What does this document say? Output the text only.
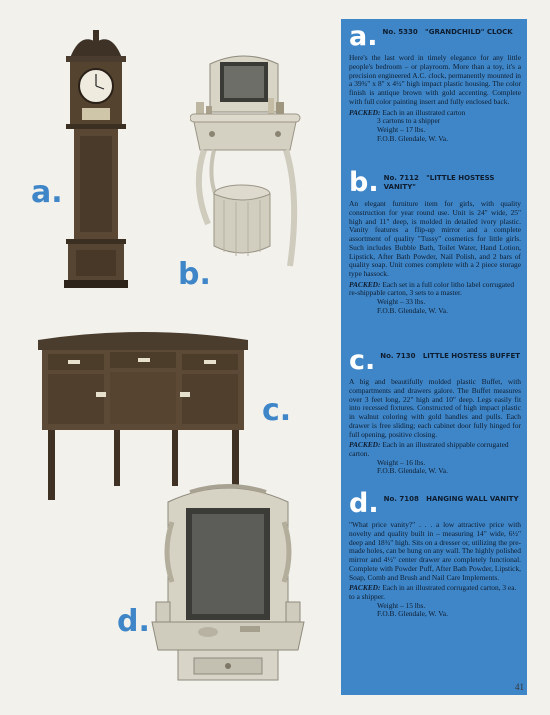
a.
b.
c.
d.
a. No. 5330 "GRANDCHILD" CLOCK
Here's the last word in timely elegance for any little people's bedroom – or playroom. More than a toy, it's a precision engineered A.C. clock, permanently mounted in a 39¾" x 8" x 4½" high impact plastic housing. The color finish is antique brown with gold accenting. Complete with full color painting insert and fully enclosed back.
PACKED: Each in an illustrated carton
3 cartons to a shipper
Weight – 17 lbs.
F.O.B. Glendale, W. Va.
b. No. 7112 "LITTLE HOSTESS VANITY"
An elegant furniture item for girls, with quality construction for year round use. Unit is 24" wide, 25" high and 11" deep, is molded in detailed ivory plastic. Vanity features a flip-up mirror and a complete assortment of quality "Tussy" cosmetics for little girls. Such includes Bubble Bath, Toilet Water, Hand Lotion, Lipstick, After Bath Powder, Nail Polish, and 2 bars of quality soap. Unit comes complete with a 2 piece storage type hassock.
PACKED: Each set in a full color litho label corrugated re-shippable carton, 3 sets to a master.
Weight – 33 lbs.
F.O.B. Glendale, W. Va.
c. No. 7130 LITTLE HOSTESS BUFFET
A big and beautifully molded plastic Buffet, with compartments and drawers galore. The Buffet measures over 3 feet long, 22" high and 10" deep. Legs easily fit into recessed fixtures. Constructed of high impact plastic in walnut coloring with gold handles and pulls. Each drawer is free sliding; each cabinet door fully hinged for full opening, positive closing.
PACKED: Each in an illustrated shippable corrugated carton.
Weight – 16 lbs.
F.O.B. Glendale, W. Va.
d. No. 7108 HANGING WALL VANITY
"What price vanity?" . . . a low attractive price with novelty and quality built in – measuring 14" wide, 6½" deep and 18¾" high. Sits on a dresser or, utilizing the pre-made holes, can be hung on any wall. The highly polished mirror and 4½" center drawer are completely functional. Complete with Powder Puff, After Bath Powder, Lipstick, Soap, Comb and Brush and Nail Care Implements.
PACKED: Each in an illustrated corrugated carton, 3 ea. to a shipper.
Weight – 15 lbs.
F.O.B. Glendale, W. Va.
41
